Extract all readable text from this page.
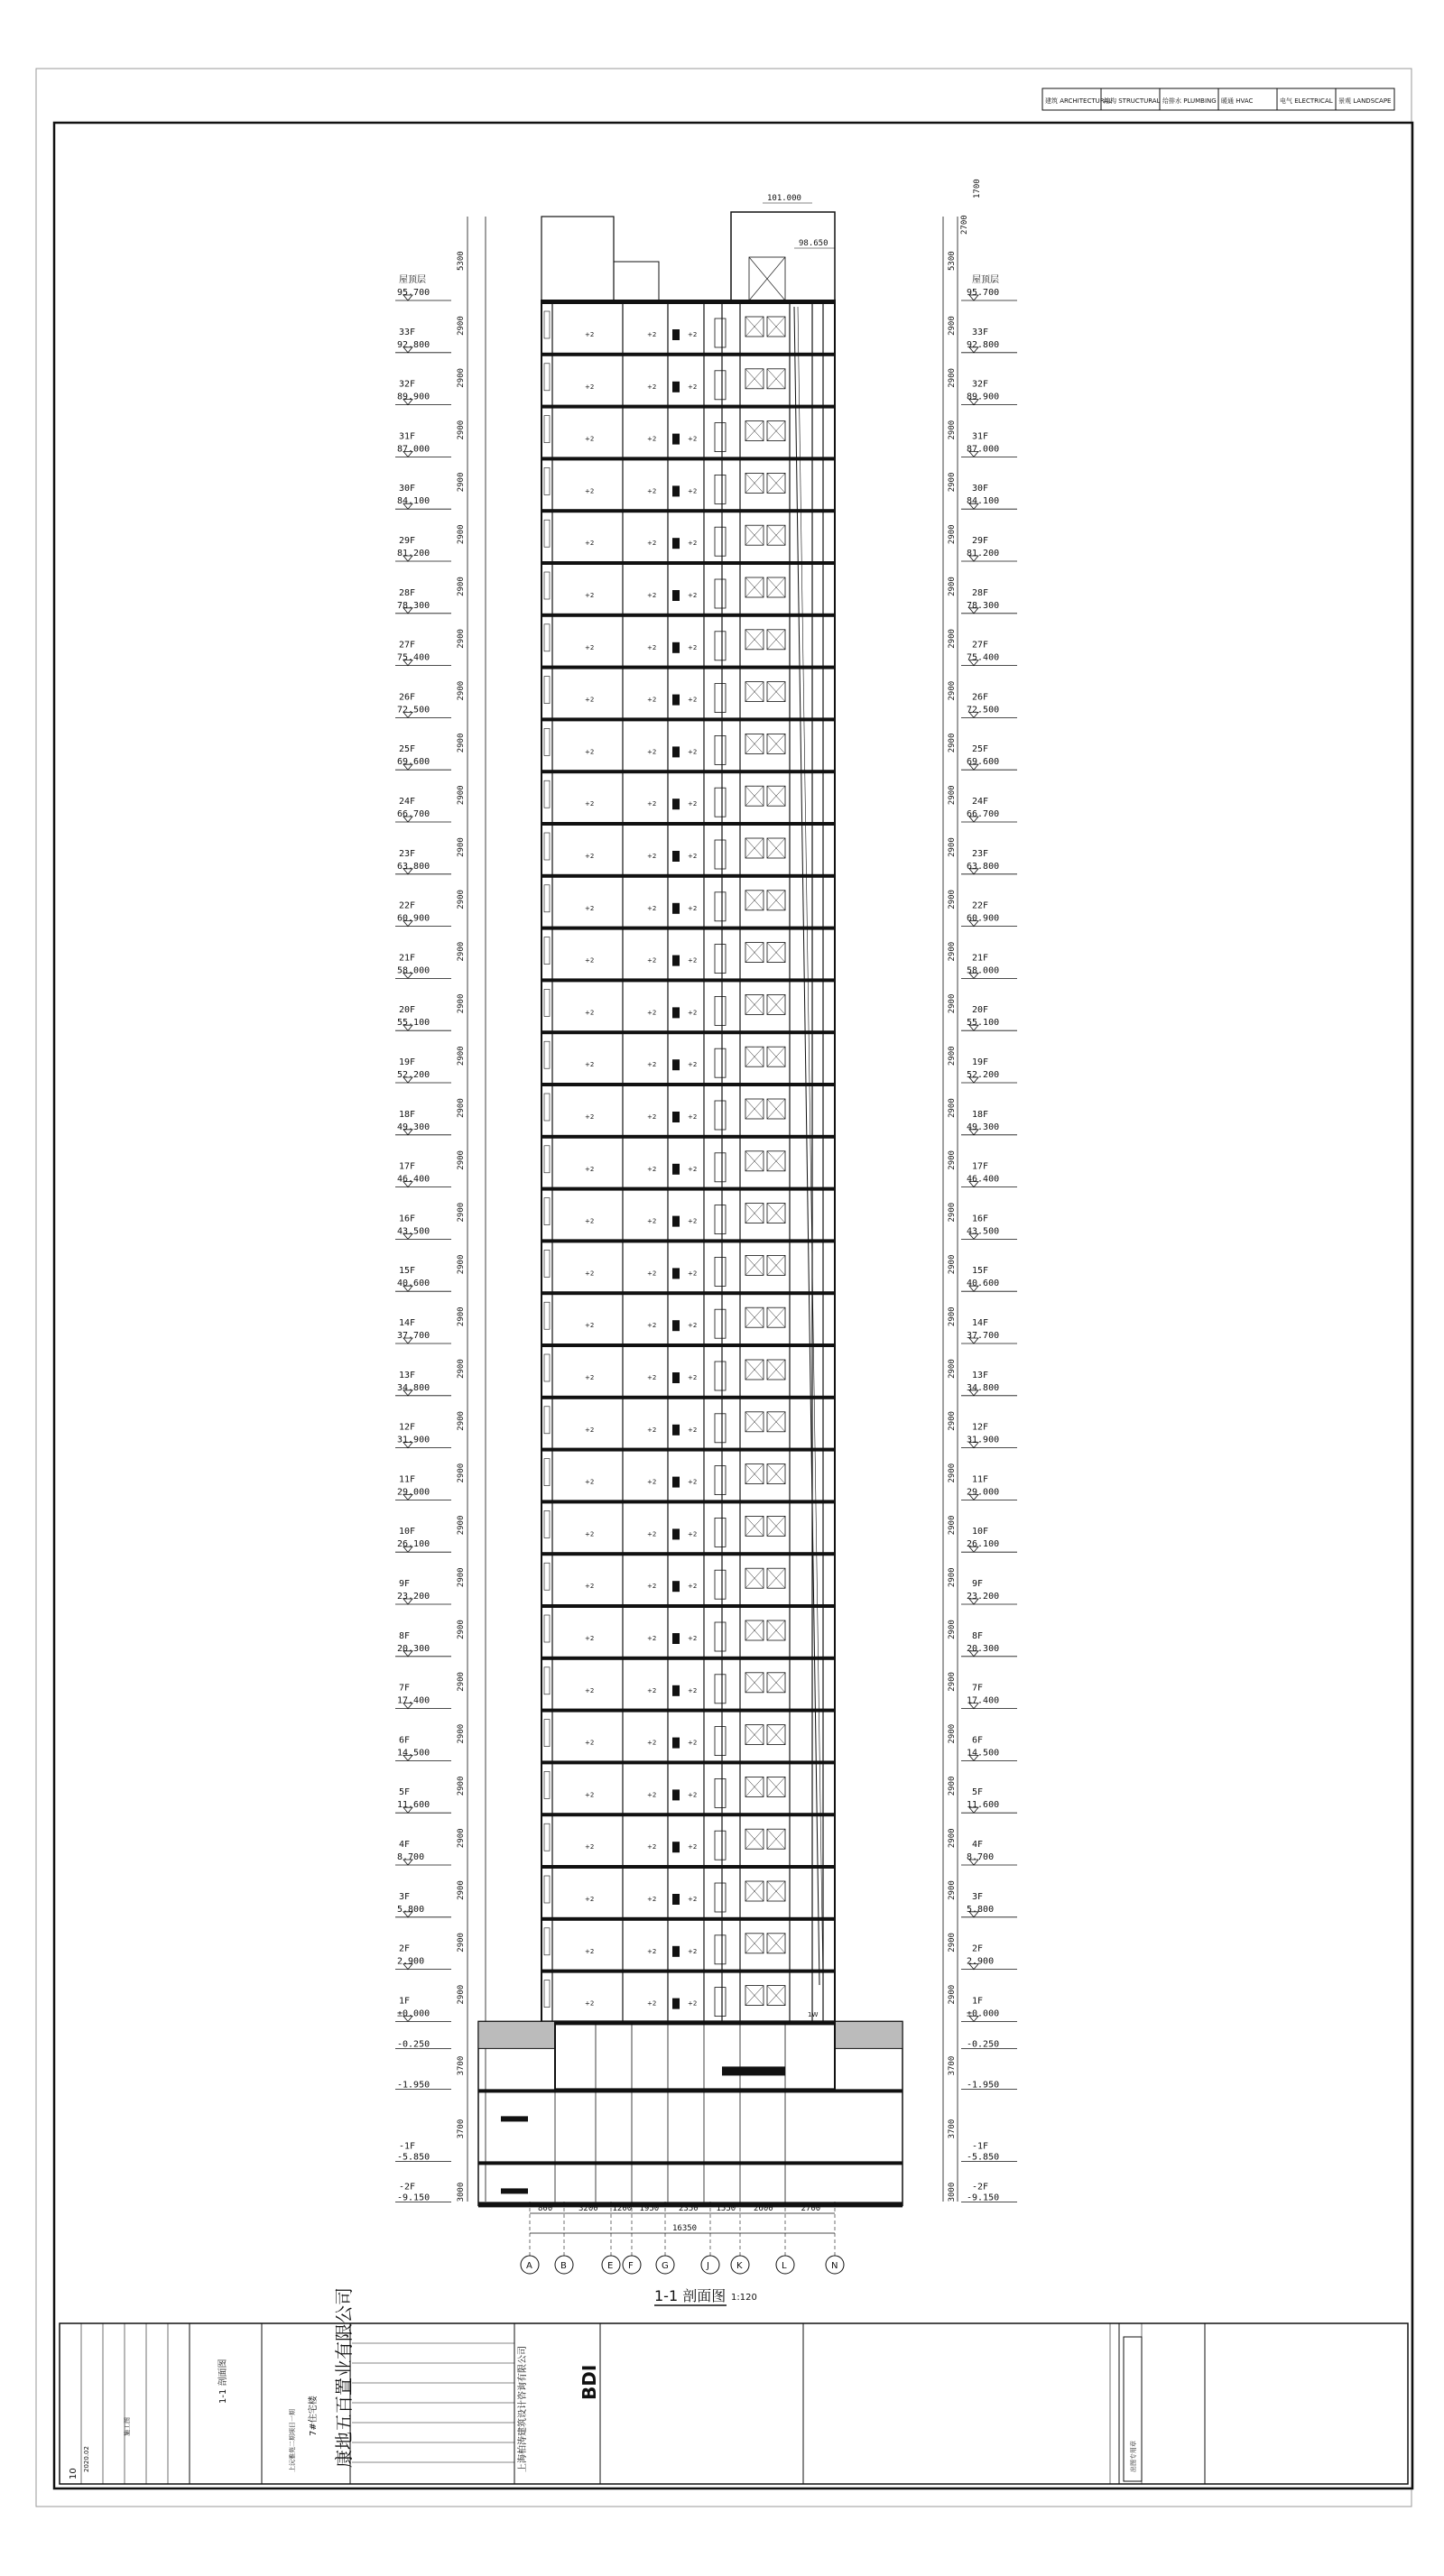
建筑 ARCHITECTURAL
结构 STRUCTURAL 给排水 PLUMBING 暖通 HVAC	电气 ELECTRICAL 景观 LANDSCAPE
屋顶层
95.700
2900
33F
92.800
2900
32F
89.900
2900
31F
87.000
2900
30F
84.100
2900
29F
81.200
2900
28F
78.300
2900
27F
75.400
2900
26F
72.500
2900
25F
69.600
2900
24F
66.700
2900
23F
63.800
2900
22F
60.900
2900
21F
58.000
2900
20F
55.100
2900
19F
52.200
2900
18F
49.300
2900
17F
46.400
2900
16F
43.500
2900
15F
40.600
2900
14F
37.700
2900
13F
34.800
2900
12F
31.900
2900
11F
29.000
2900
10F
26.100
2900
9F
23.200
2900
8F
20.300
2900
7F
17.400
2900
6F
14.500
2900
5F
11.600
2900
4F
8.700
2900
3F
5.800
2900
2F
2.900
2900
1F
±0.000
5300
-0.250
-1.950
-1F
-5.850
-2F
-9.150
3700
3700
3000
屋顶层
95.700
2900 33F
92.800
2900 32F
89.900
2900 31F
87.000
2900 30F
84.100
2900 29F
81.200
2900 28F
78.300
2900 27F
75.400
2900 26F
72.500
2900 25F
69.600
2900 24F
66.700
2900 23F
63.800
2900 22F
60.900
2900 21F
58.000
2900 20F
55.100
2900 19F
52.200
2900 18F
49.300
2900 17F
46.400
2900 16F
43.500
2900 15F
40.600
2900 14F
37.700
2900 13F
34.800
2900 12F
31.900
2900 11F
29.000
2900 10F
26.100
2900 9F
23.200
2900 8F
20.300
2900 7F
17.400
2900 6F
14.500
2900 5F
11.600
2900 4F
8.700
2900 3F
5.800
2900 2F
2.900
2900 1F
±0.000
5300
2700
1700
-0.250
-1.950
-1F
-5.850
-2F
-9.150
3700
3700
3000
101.000
98.650
+2	+2	+2
+2	+2	+2
+2	+2	+2
+2	+2	+2
+2	+2	+2
+2	+2	+2
+2	+2	+2
+2	+2	+2
+2	+2	+2
+2	+2	+2
+2	+2	+2
+2	+2	+2
+2	+2	+2
+2	+2	+2
+2	+2	+2
+2	+2	+2
+2	+2	+2
+2	+2	+2
+2	+2	+2
+2	+2	+2
+2	+2	+2
+2	+2	+2
+2	+2	+2
+2	+2	+2
+2	+2	+2
+2	+2	+2
+2	+2	+2
+2	+2	+2
+2	+2	+2
+2	+2	+2
+2	+2	+2
+2	+2	+2
+2	+2	+2
1W
A	B	E F	G	J	K	L	N
800	3200 1200 1950 2350 1550 2600	2700
16350
1-1 剖面图 1:120
1-1 剖面图
10
2020.02
施工图	康地五百置业有限公司
上沅雅苑二期项目一期 7#住宅楼	上海柏涛建筑设计咨询有限公司	BDI
出图专用章
